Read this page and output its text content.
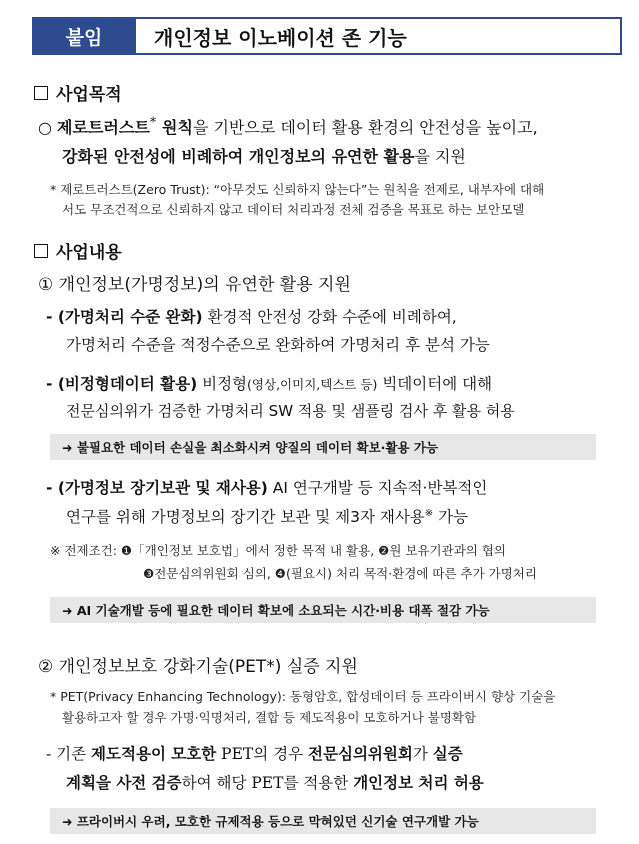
붙임	개인정보 이노베이션 존 기능
사업목적
○ 제로트러스트* 원칙을 기반으로 데이터 활용 환경의 안전성을 높이고,
강화된 안전성에 비례하여 개인정보의 유연한 활용을 지원
* 제로트러스트(Zero Trust): “아무것도 신뢰하지 않는다”는 원칙을 전제로, 내부자에 대해
서도 무조건적으로 신뢰하지 않고 데이터 처리과정 전체 검증을 목표로 하는 보안모델
사업내용
① 개인정보(가명정보)의 유연한 활용 지원
- (가명처리 수준 완화) 환경적 안전성 강화 수준에 비례하여,
가명처리 수준을 적정수준으로 완화하여 가명처리 후 분석 가능
- (비정형데이터 활용) 비정형(영상,이미지,텍스트 등) 빅데이터에 대해
전문심의위가 검증한 가명처리 SW 적용 및 샘플링 검사 후 활용 허용
➜ 불필요한 데이터 손실을 최소화시켜 양질의 데이터 확보·활용 가능
- (가명정보 장기보관 및 재사용) AI 연구개발 등 지속적·반복적인
연구를 위해 가명정보의 장기간 보관 및 제3자 재사용※ 가능
※ 전제조건: ❶「개인정보 보호법」에서 정한 목적 내 활용, ❷원 보유기관과의 협의
❸전문심의위원회 심의, ❹(필요시) 처리 목적·환경에 따른 추가 가명처리
➜ AI 기술개발 등에 필요한 데이터 확보에 소요되는 시간·비용 대폭 절감 가능
② 개인정보보호 강화기술(PET*) 실증 지원
* PET(Privacy Enhancing Technology): 동형암호, 합성데이터 등 프라이버시 향상 기술을
활용하고자 할 경우 가명·익명처리, 결합 등 제도적용이 모호하거나 불명확함
- 기존 제도적용이 모호한 PET의 경우 전문심의위원회가 실증
계획을 사전 검증하여 해당 PET를 적용한 개인정보 처리 허용
➜ 프라이버시 우려, 모호한 규제적용 등으로 막혀있던 신기술 연구개발 가능
